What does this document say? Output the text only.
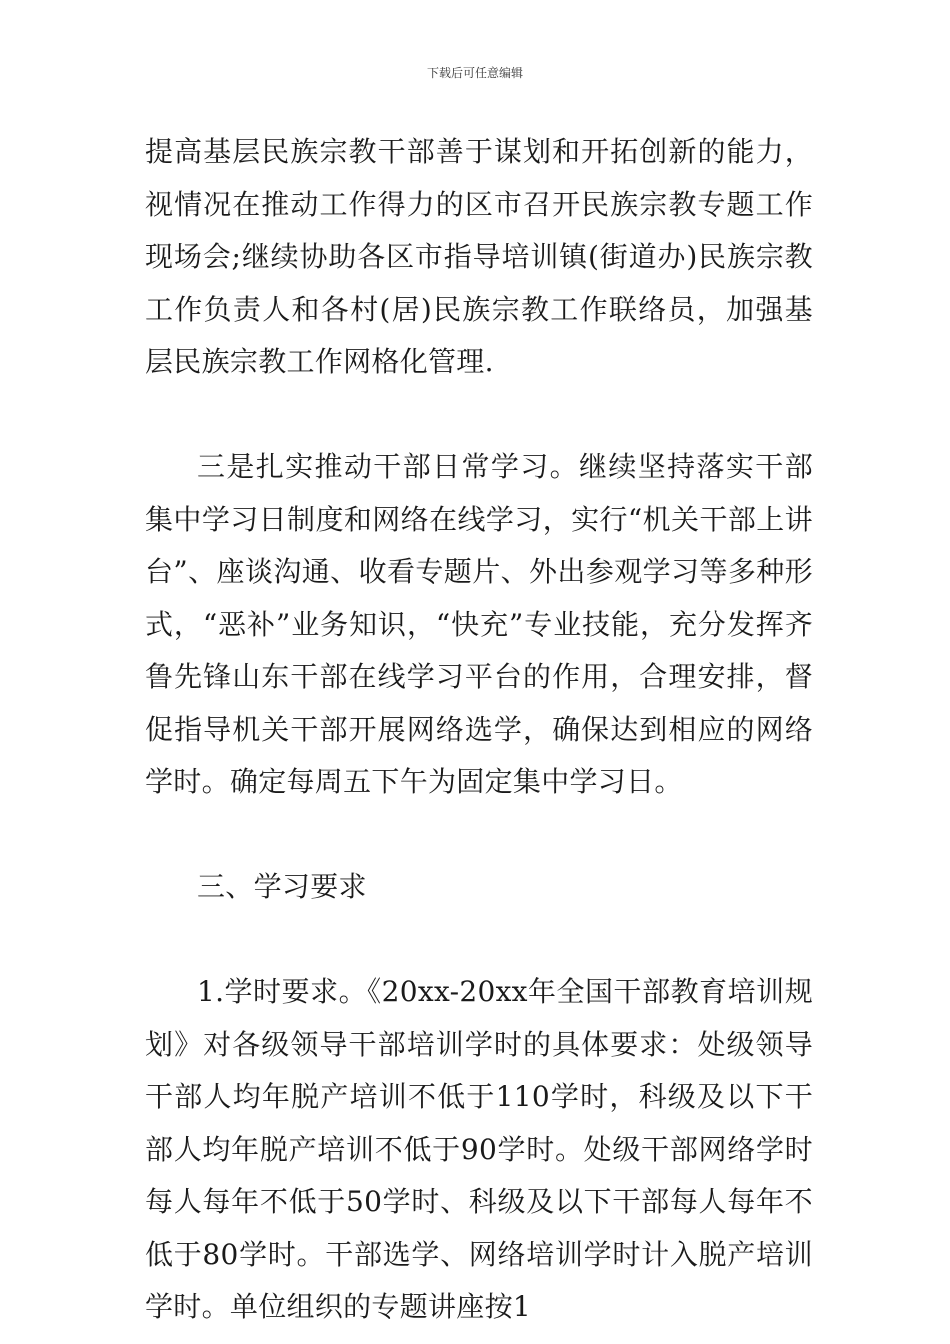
下载后可任意编辑

提高基层民族宗教干部善于谋划和开拓创新的能力，视情况在推动工作得力的区市召开民族宗教专题工作现场会;继续协助各区市指导培训镇(街道办)民族宗教工作负责人和各村(居)民族宗教工作联络员，加强基层民族宗教工作网格化管理.

三是扎实推动干部日常学习。继续坚持落实干部集中学习日制度和网络在线学习，实行“机关干部上讲台”、座谈沟通、收看专题片、外出参观学习等多种形式，“恶补”业务知识，“快充”专业技能，充分发挥齐鲁先锋山东干部在线学习平台的作用，合理安排，督促指导机关干部开展网络选学，确保达到相应的网络学时。确定每周五下午为固定集中学习日。

三、学习要求

1.学时要求。《20xx-20xx年全国干部教育培训规划》对各级领导干部培训学时的具体要求：处级领导干部人均年脱产培训不低于110学时，科级及以下干部人均年脱产培训不低于90学时。处级干部网络学时每人每年不低于50学时、科级及以下干部每人每年不低于80学时。干部选学、网络培训学时计入脱产培训学时。单位组织的专题讲座按1
